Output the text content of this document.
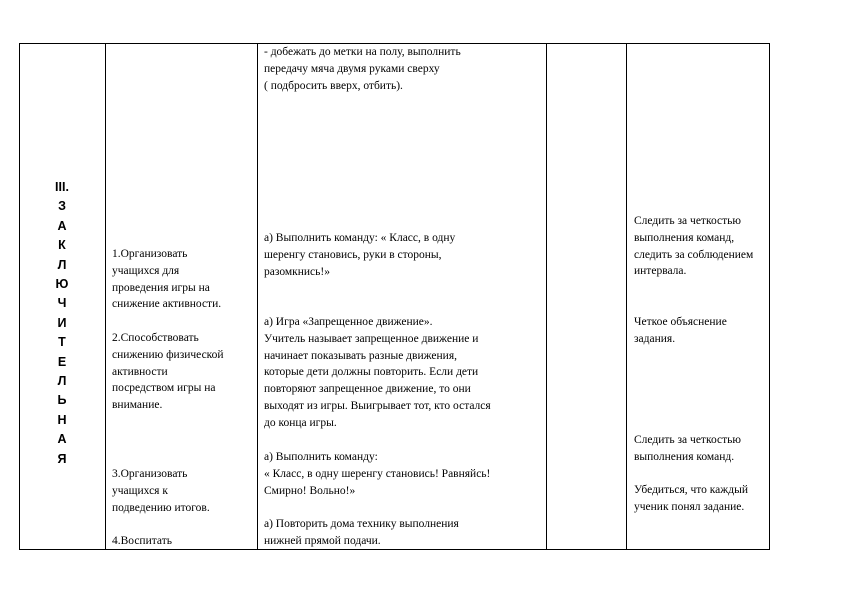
III.
З
А
К
Л
Ю
Ч
И
Т
Е
Л
Ь
Н
А
Я
1.Организовать
учащихся для
проведения игры на
снижение активности.
2.Способствовать
снижению физической
активности
посредством игры на
внимание.
3.Организовать
учащихся к
подведению итогов.
4.Воспитать
- добежать до метки на полу, выполнить
передачу мяча двумя руками сверху
( подбросить вверх, отбить).
а) Выполнить команду: « Класс, в одну
шеренгу становись, руки в стороны,
разомкнись!»
а) Игра «Запрещенное движение».
Учитель называет запрещенное движение и
начинает показывать разные движения,
которые дети должны повторить. Если дети
повторяют запрещенное движение, то они
выходят из игры. Выигрывает тот, кто остался
до конца игры.
а) Выполнить команду:
« Класс, в одну шеренгу становись! Равняйсь!
Смирно! Вольно!»
а) Повторить дома технику выполнения
нижней прямой подачи.
Следить за четкостью
выполнения команд,
следить за соблюдением
интервала.
Четкое объяснение
задания.
Следить за четкостью
выполнения команд.
Убедиться, что каждый
ученик понял задание.
